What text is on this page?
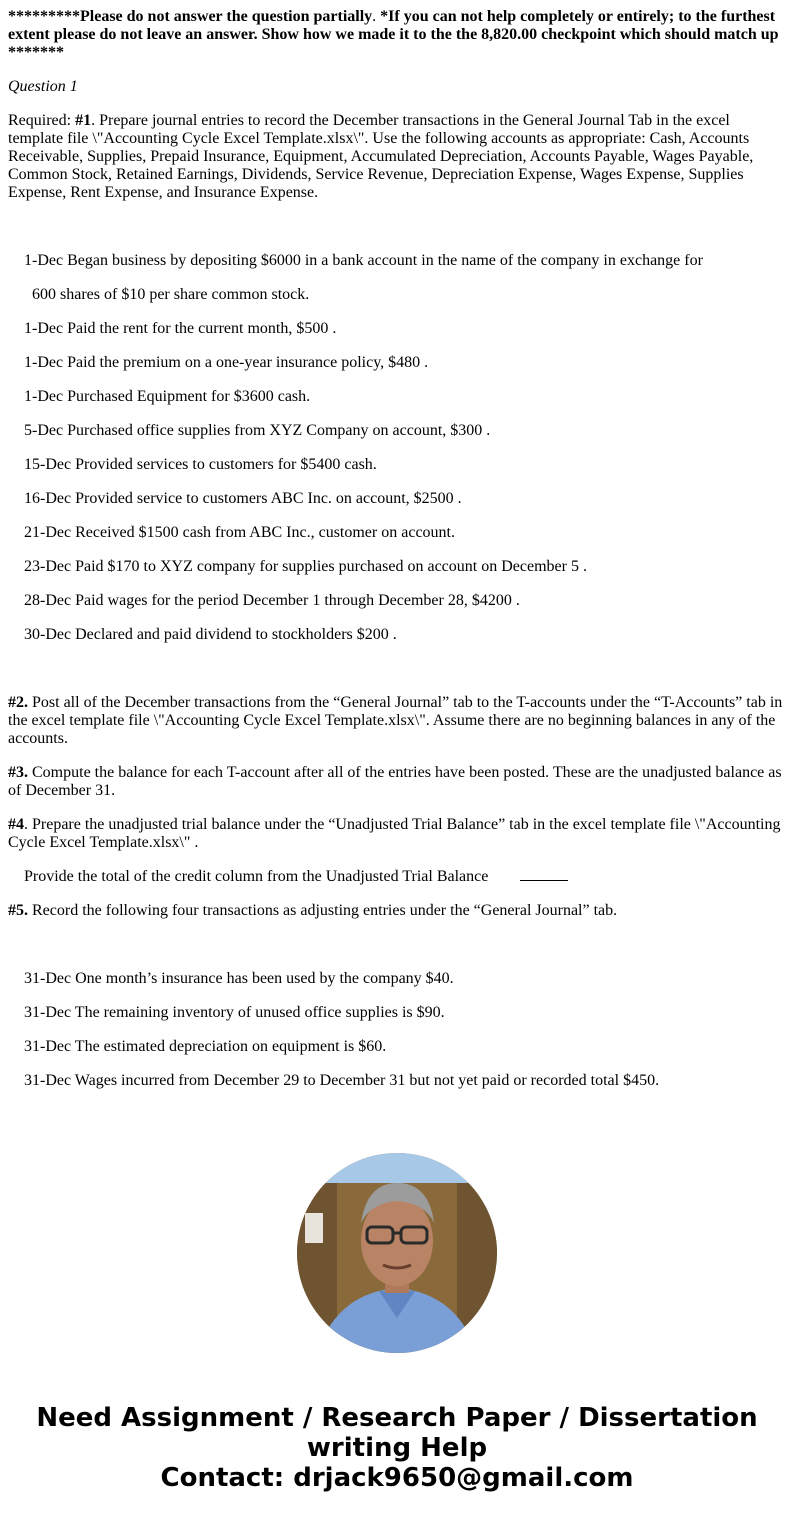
*********Please do not answer the question partially. *If you can not help completely or entirely; to the furthest extent please do not leave an answer. Show how we made it to the the 8,820.00 checkpoint which should match up *******

Question 1

Required: #1. Prepare journal entries to record the December transactions in the General Journal Tab in the excel template file \"Accounting Cycle Excel Template.xlsx\". Use the following accounts as appropriate: Cash, Accounts Receivable, Supplies, Prepaid Insurance, Equipment, Accumulated Depreciation, Accounts Payable, Wages Payable, Common Stock, Retained Earnings, Dividends, Service Revenue, Depreciation Expense, Wages Expense, Supplies Expense, Rent Expense, and Insurance Expense.

1-Dec Began business by depositing $6000 in a bank account in the name of the company in exchange for

600 shares of $10 per share common stock.

1-Dec Paid the rent for the current month, $500 .

1-Dec Paid the premium on a one-year insurance policy, $480 .

1-Dec Purchased Equipment for $3600 cash.

5-Dec Purchased office supplies from XYZ Company on account, $300 .

15-Dec Provided services to customers for $5400 cash.

16-Dec Provided service to customers ABC Inc. on account, $2500 .

21-Dec Received $1500 cash from ABC Inc., customer on account.

23-Dec Paid $170 to XYZ company for supplies purchased on account on December 5 .

28-Dec Paid wages for the period December 1 through December 28, $4200 .

30-Dec Declared and paid dividend to stockholders $200 .

#2. Post all of the December transactions from the “General Journal” tab to the T-accounts under the “T-Accounts” tab in the excel template file \"Accounting Cycle Excel Template.xlsx\". Assume there are no beginning balances in any of the accounts.

#3. Compute the balance for each T-account after all of the entries have been posted. These are the unadjusted balance as of December 31.

#4. Prepare the unadjusted trial balance under the “Unadjusted Trial Balance” tab in the excel template file \"Accounting Cycle Excel Template.xlsx\" .

Provide the total of the credit column from the Unadjusted Trial Balance

#5. Record the following four transactions as adjusting entries under the “General Journal” tab.

31-Dec One month’s insurance has been used by the company $40.

31-Dec The remaining inventory of unused office supplies is $90.

31-Dec The estimated depreciation on equipment is $60.

31-Dec Wages incurred from December 29 to December 31 but not yet paid or recorded total $450.

Need Assignment / Research Paper / Dissertation
writing Help
Contact: drjack9650@gmail.com
